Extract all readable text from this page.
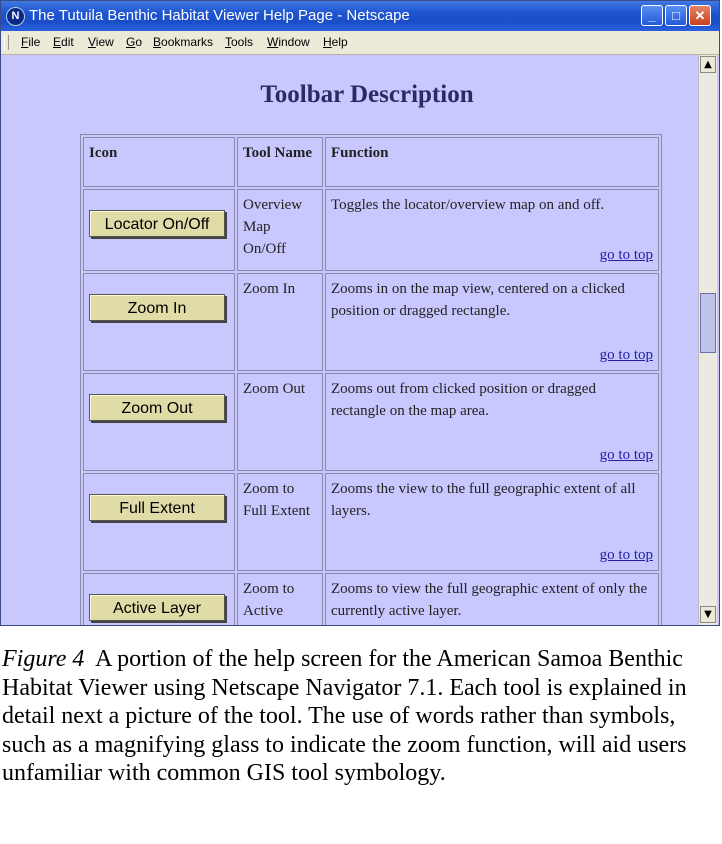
N The Tutuila Benthic Habitat Viewer Help Page - Netscape	_	□	✕
File Edit View Go Bookmarks Tools Window Help
Toolbar Description
Icon	Tool Name	Function

Locator On/Off	Overview Map On/Off	Toggles the locator/overview map on and off.
go to top

Zoom In	Zoom In	Zooms in on the map view, centered on a clicked position or dragged rectangle.
go to top

Zoom Out	Zoom Out	Zooms out from clicked position or dragged rectangle on the map area.
go to top

Full Extent	Zoom to Full Extent	Zooms the view to the full geographic extent of all layers.
go to top

Active Layer	Zoom to Active	Zooms to view the full geographic extent of only the currently active layer.
▲
▼
Figure 4 A portion of the help screen for the American Samoa Benthic Habitat Viewer using Netscape Navigator 7.1. Each tool is explained in detail next a picture of the tool. The use of words rather than symbols, such as a magnifying glass to indicate the zoom function, will aid users unfamiliar with common GIS tool symbology.
